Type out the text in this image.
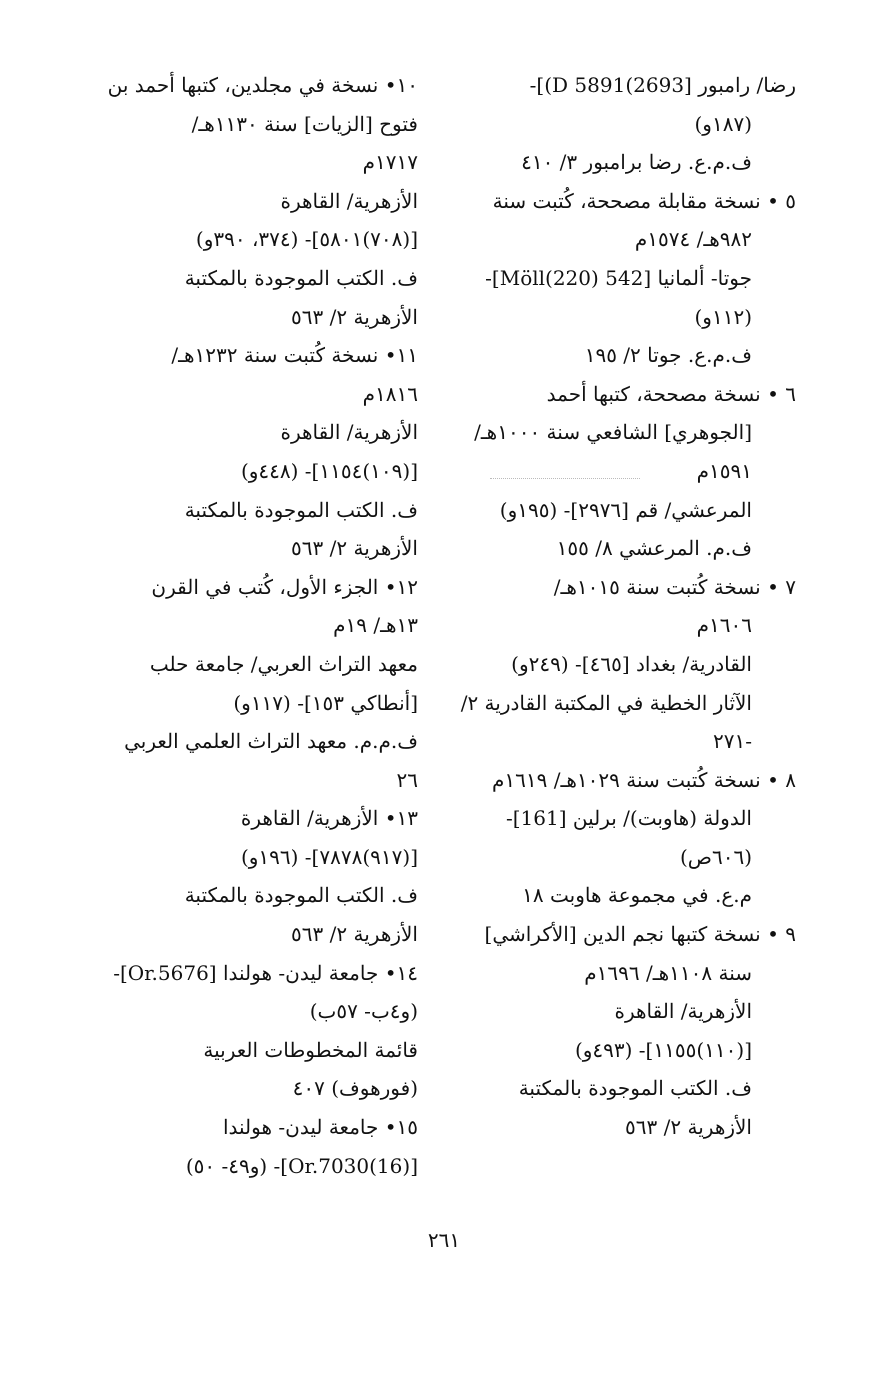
رضا/ رامبور [2693)5891 D)]-
(١٨٧و)
ف.م.ع. رضا برامبور ٣/ ٤١٠
٥ • نسخة مقابلة مصححة، كُتبت سنة
٩٨٢هـ/ ١٥٧٤م
جوتا- ألمانيا [542 Möll(220)]-
(١١٢و)
ف.م.ع. جوتا ٢/ ١٩٥
٦ • نسخة مصححة، كتبها أحمد
[الجوهري] الشافعي سنة ١٠٠٠هـ/
١٥٩١م
المرعشي/ قم [٢٩٧٦]- (١٩٥و)
ف.م. المرعشي ٨/ ١٥٥
٧ • نسخة كُتبت سنة ١٠١٥هـ/
١٦٠٦م
القادرية/ بغداد [٤٦٥]- (٢٤٩و)
الآثار الخطية في المكتبة القادرية ٢/
-٢٧١
٨ • نسخة كُتبت سنة ١٠٢٩هـ/ ١٦١٩م
الدولة (هاوبت)/ برلين [161]-
(٦٠٦ص)
م.ع. في مجموعة هاوبت ١٨
٩ • نسخة كتبها نجم الدين [الأكراشي]
سنة ١١٠٨هـ/ ١٦٩٦م
الأزهرية/ القاهرة
[(١١٠)١١٥٥]- (٤٩٣و)
ف. الكتب الموجودة بالمكتبة
الأزهرية ٢/ ٥٦٣
١٠• نسخة في مجلدين، كتبها أحمد بن
فتوح [الزيات] سنة ١١٣٠هـ/
١٧١٧م
الأزهرية/ القاهرة
[(٧٠٨)٥٨٠١]- (٣٧٤، ٣٩٠و)
ف. الكتب الموجودة بالمكتبة
الأزهرية ٢/ ٥٦٣
١١• نسخة كُتبت سنة ١٢٣٢هـ/
١٨١٦م
الأزهرية/ القاهرة
[(١٠٩)١١٥٤]- (٤٤٨و)
ف. الكتب الموجودة بالمكتبة
الأزهرية ٢/ ٥٦٣
١٢• الجزء الأول، كُتب في القرن
١٣هـ/ ١٩م
معهد التراث العربي/ جامعة حلب
[أنطاكي ١٥٣]- (١١٧و)
ف.م.م. معهد التراث العلمي العربي
٢٦
١٣• الأزهرية/ القاهرة
[(٩١٧)٧٨٧٨]- (١٩٦و)
ف. الكتب الموجودة بالمكتبة
الأزهرية ٢/ ٥٦٣
١٤• جامعة ليدن- هولندا [Or.5676]-
(و٤ب- ٥٧ب)
قائمة المخطوطات العربية
(فورهوف) ٤٠٧
١٥• جامعة ليدن- هولندا
[Or.7030(16)]- (و٤٩- ٥٠)
٢٦١
